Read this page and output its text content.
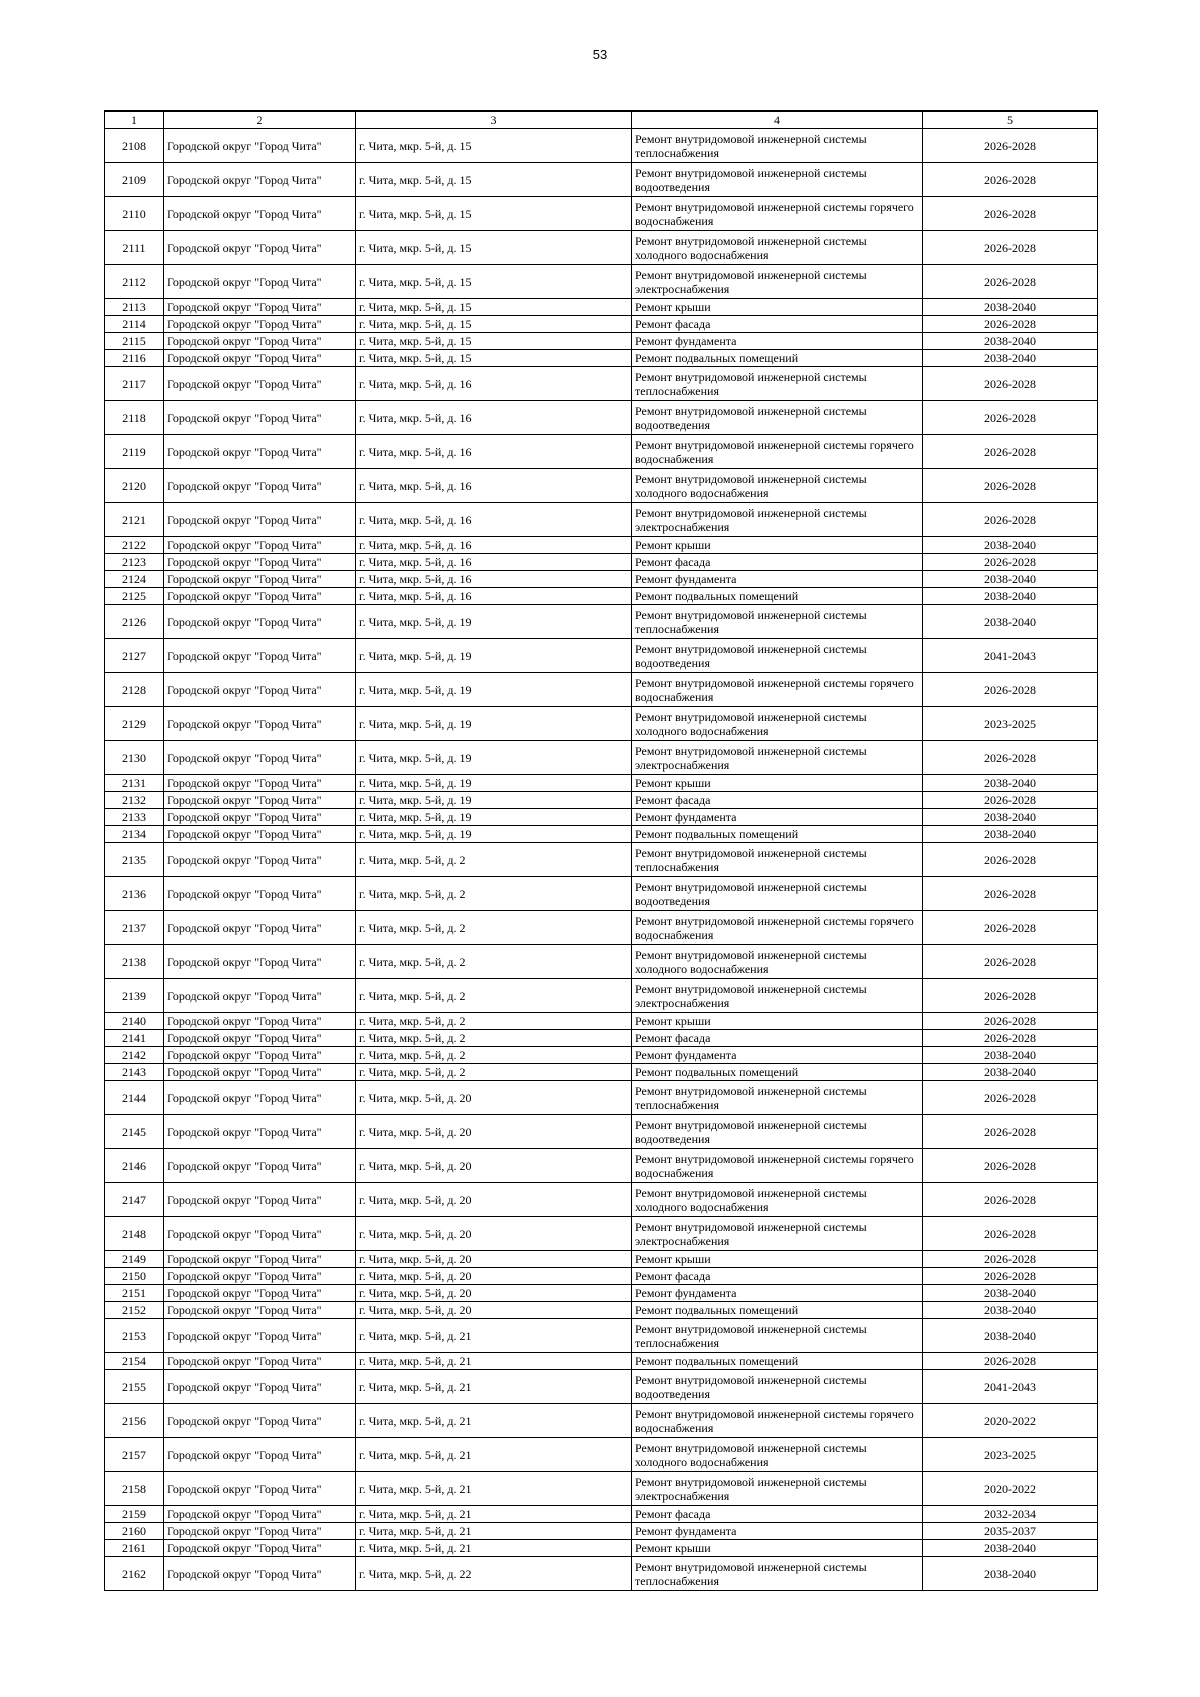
53
1	2	3	4	5
2108	Городской округ "Город Чита"	г. Чита, мкр. 5-й, д. 15	Ремонт внутридомовой инженерной системы теплоснабжения	2026-2028
2109	Городской округ "Город Чита"	г. Чита, мкр. 5-й, д. 15	Ремонт внутридомовой инженерной системы водоотведения	2026-2028
2110	Городской округ "Город Чита"	г. Чита, мкр. 5-й, д. 15	Ремонт внутридомовой инженерной системы горячего водоснабжения	2026-2028
2111	Городской округ "Город Чита"	г. Чита, мкр. 5-й, д. 15	Ремонт внутридомовой инженерной системы холодного водоснабжения	2026-2028
2112	Городской округ "Город Чита"	г. Чита, мкр. 5-й, д. 15	Ремонт внутридомовой инженерной системы электроснабжения	2026-2028
2113	Городской округ "Город Чита"	г. Чита, мкр. 5-й, д. 15	Ремонт крыши	2038-2040
2114	Городской округ "Город Чита"	г. Чита, мкр. 5-й, д. 15	Ремонт фасада	2026-2028
2115	Городской округ "Город Чита"	г. Чита, мкр. 5-й, д. 15	Ремонт фундамента	2038-2040
2116	Городской округ "Город Чита"	г. Чита, мкр. 5-й, д. 15	Ремонт подвальных помещений	2038-2040
2117	Городской округ "Город Чита"	г. Чита, мкр. 5-й, д. 16	Ремонт внутридомовой инженерной системы теплоснабжения	2026-2028
2118	Городской округ "Город Чита"	г. Чита, мкр. 5-й, д. 16	Ремонт внутридомовой инженерной системы водоотведения	2026-2028
2119	Городской округ "Город Чита"	г. Чита, мкр. 5-й, д. 16	Ремонт внутридомовой инженерной системы горячего водоснабжения	2026-2028
2120	Городской округ "Город Чита"	г. Чита, мкр. 5-й, д. 16	Ремонт внутридомовой инженерной системы холодного водоснабжения	2026-2028
2121	Городской округ "Город Чита"	г. Чита, мкр. 5-й, д. 16	Ремонт внутридомовой инженерной системы электроснабжения	2026-2028
2122	Городской округ "Город Чита"	г. Чита, мкр. 5-й, д. 16	Ремонт крыши	2038-2040
2123	Городской округ "Город Чита"	г. Чита, мкр. 5-й, д. 16	Ремонт фасада	2026-2028
2124	Городской округ "Город Чита"	г. Чита, мкр. 5-й, д. 16	Ремонт фундамента	2038-2040
2125	Городской округ "Город Чита"	г. Чита, мкр. 5-й, д. 16	Ремонт подвальных помещений	2038-2040
2126	Городской округ "Город Чита"	г. Чита, мкр. 5-й, д. 19	Ремонт внутридомовой инженерной системы теплоснабжения	2038-2040
2127	Городской округ "Город Чита"	г. Чита, мкр. 5-й, д. 19	Ремонт внутридомовой инженерной системы водоотведения	2041-2043
2128	Городской округ "Город Чита"	г. Чита, мкр. 5-й, д. 19	Ремонт внутридомовой инженерной системы горячего водоснабжения	2026-2028
2129	Городской округ "Город Чита"	г. Чита, мкр. 5-й, д. 19	Ремонт внутридомовой инженерной системы холодного водоснабжения	2023-2025
2130	Городской округ "Город Чита"	г. Чита, мкр. 5-й, д. 19	Ремонт внутридомовой инженерной системы электроснабжения	2026-2028
2131	Городской округ "Город Чита"	г. Чита, мкр. 5-й, д. 19	Ремонт крыши	2038-2040
2132	Городской округ "Город Чита"	г. Чита, мкр. 5-й, д. 19	Ремонт фасада	2026-2028
2133	Городской округ "Город Чита"	г. Чита, мкр. 5-й, д. 19	Ремонт фундамента	2038-2040
2134	Городской округ "Город Чита"	г. Чита, мкр. 5-й, д. 19	Ремонт подвальных помещений	2038-2040
2135	Городской округ "Город Чита"	г. Чита, мкр. 5-й, д. 2	Ремонт внутридомовой инженерной системы теплоснабжения	2026-2028
2136	Городской округ "Город Чита"	г. Чита, мкр. 5-й, д. 2	Ремонт внутридомовой инженерной системы водоотведения	2026-2028
2137	Городской округ "Город Чита"	г. Чита, мкр. 5-й, д. 2	Ремонт внутридомовой инженерной системы горячего водоснабжения	2026-2028
2138	Городской округ "Город Чита"	г. Чита, мкр. 5-й, д. 2	Ремонт внутридомовой инженерной системы холодного водоснабжения	2026-2028
2139	Городской округ "Город Чита"	г. Чита, мкр. 5-й, д. 2	Ремонт внутридомовой инженерной системы электроснабжения	2026-2028
2140	Городской округ "Город Чита"	г. Чита, мкр. 5-й, д. 2	Ремонт крыши	2026-2028
2141	Городской округ "Город Чита"	г. Чита, мкр. 5-й, д. 2	Ремонт фасада	2026-2028
2142	Городской округ "Город Чита"	г. Чита, мкр. 5-й, д. 2	Ремонт фундамента	2038-2040
2143	Городской округ "Город Чита"	г. Чита, мкр. 5-й, д. 2	Ремонт подвальных помещений	2038-2040
2144	Городской округ "Город Чита"	г. Чита, мкр. 5-й, д. 20	Ремонт внутридомовой инженерной системы теплоснабжения	2026-2028
2145	Городской округ "Город Чита"	г. Чита, мкр. 5-й, д. 20	Ремонт внутридомовой инженерной системы водоотведения	2026-2028
2146	Городской округ "Город Чита"	г. Чита, мкр. 5-й, д. 20	Ремонт внутридомовой инженерной системы горячего водоснабжения	2026-2028
2147	Городской округ "Город Чита"	г. Чита, мкр. 5-й, д. 20	Ремонт внутридомовой инженерной системы холодного водоснабжения	2026-2028
2148	Городской округ "Город Чита"	г. Чита, мкр. 5-й, д. 20	Ремонт внутридомовой инженерной системы электроснабжения	2026-2028
2149	Городской округ "Город Чита"	г. Чита, мкр. 5-й, д. 20	Ремонт крыши	2026-2028
2150	Городской округ "Город Чита"	г. Чита, мкр. 5-й, д. 20	Ремонт фасада	2026-2028
2151	Городской округ "Город Чита"	г. Чита, мкр. 5-й, д. 20	Ремонт фундамента	2038-2040
2152	Городской округ "Город Чита"	г. Чита, мкр. 5-й, д. 20	Ремонт подвальных помещений	2038-2040
2153	Городской округ "Город Чита"	г. Чита, мкр. 5-й, д. 21	Ремонт внутридомовой инженерной системы теплоснабжения	2038-2040
2154	Городской округ "Город Чита"	г. Чита, мкр. 5-й, д. 21	Ремонт подвальных помещений	2026-2028
2155	Городской округ "Город Чита"	г. Чита, мкр. 5-й, д. 21	Ремонт внутридомовой инженерной системы водоотведения	2041-2043
2156	Городской округ "Город Чита"	г. Чита, мкр. 5-й, д. 21	Ремонт внутридомовой инженерной системы горячего водоснабжения	2020-2022
2157	Городской округ "Город Чита"	г. Чита, мкр. 5-й, д. 21	Ремонт внутридомовой инженерной системы холодного водоснабжения	2023-2025
2158	Городской округ "Город Чита"	г. Чита, мкр. 5-й, д. 21	Ремонт внутридомовой инженерной системы электроснабжения	2020-2022
2159	Городской округ "Город Чита"	г. Чита, мкр. 5-й, д. 21	Ремонт фасада	2032-2034
2160	Городской округ "Город Чита"	г. Чита, мкр. 5-й, д. 21	Ремонт фундамента	2035-2037
2161	Городской округ "Город Чита"	г. Чита, мкр. 5-й, д. 21	Ремонт крыши	2038-2040
2162	Городской округ "Город Чита"	г. Чита, мкр. 5-й, д. 22	Ремонт внутридомовой инженерной системы теплоснабжения	2038-2040
